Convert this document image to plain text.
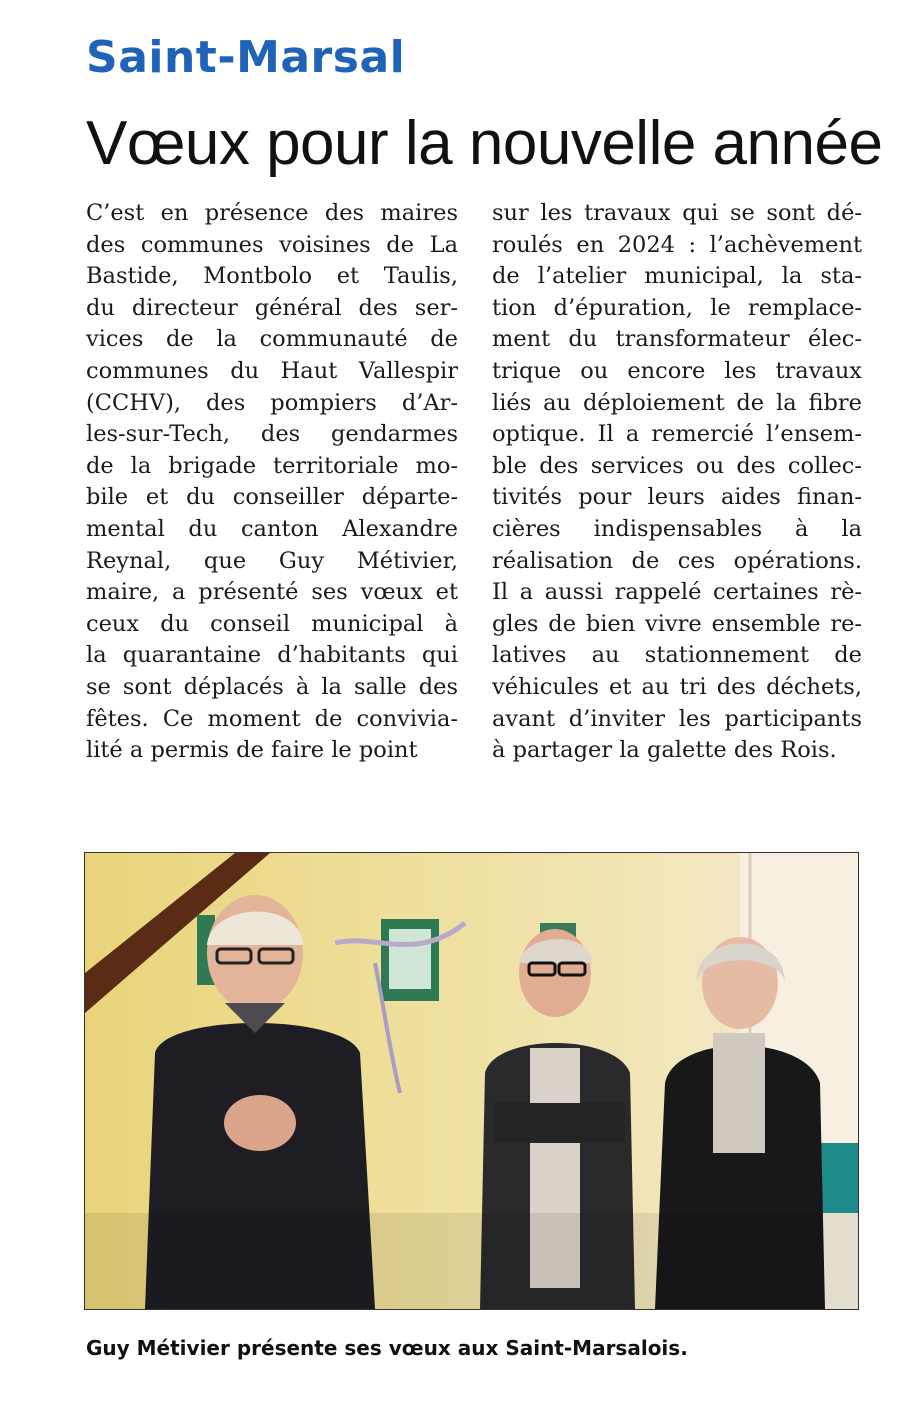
Saint-Marsal
Vœux pour la nouvelle année
C’est en présence des maires
des communes voisines de La
Bastide, Montbolo et Taulis,
du directeur général des ser-
vices de la communauté de
communes du Haut Vallespir
(CCHV), des pompiers d’Ar-
les-sur-Tech, des gendarmes
de la brigade territoriale mo-
bile et du conseiller départe-
mental du canton Alexandre
Reynal, que Guy Métivier,
maire, a présenté ses vœux et
ceux du conseil municipal à
la quarantaine d’habitants qui
se sont déplacés à la salle des
fêtes. Ce moment de convivia-
lité a permis de faire le point
sur les travaux qui se sont dé-
roulés en 2024 : l’achèvement
de l’atelier municipal, la sta-
tion d’épuration, le remplace-
ment du transformateur élec-
trique ou encore les travaux
liés au déploiement de la fibre
optique. Il a remercié l’ensem-
ble des services ou des collec-
tivités pour leurs aides finan-
cières indispensables à la
réalisation de ces opérations.
Il a aussi rappelé certaines rè-
gles de bien vivre ensemble re-
latives au stationnement de
véhicules et au tri des déchets,
avant d’inviter les participants
à partager la galette des Rois.
Guy Métivier présente ses vœux aux Saint-Marsalois.
